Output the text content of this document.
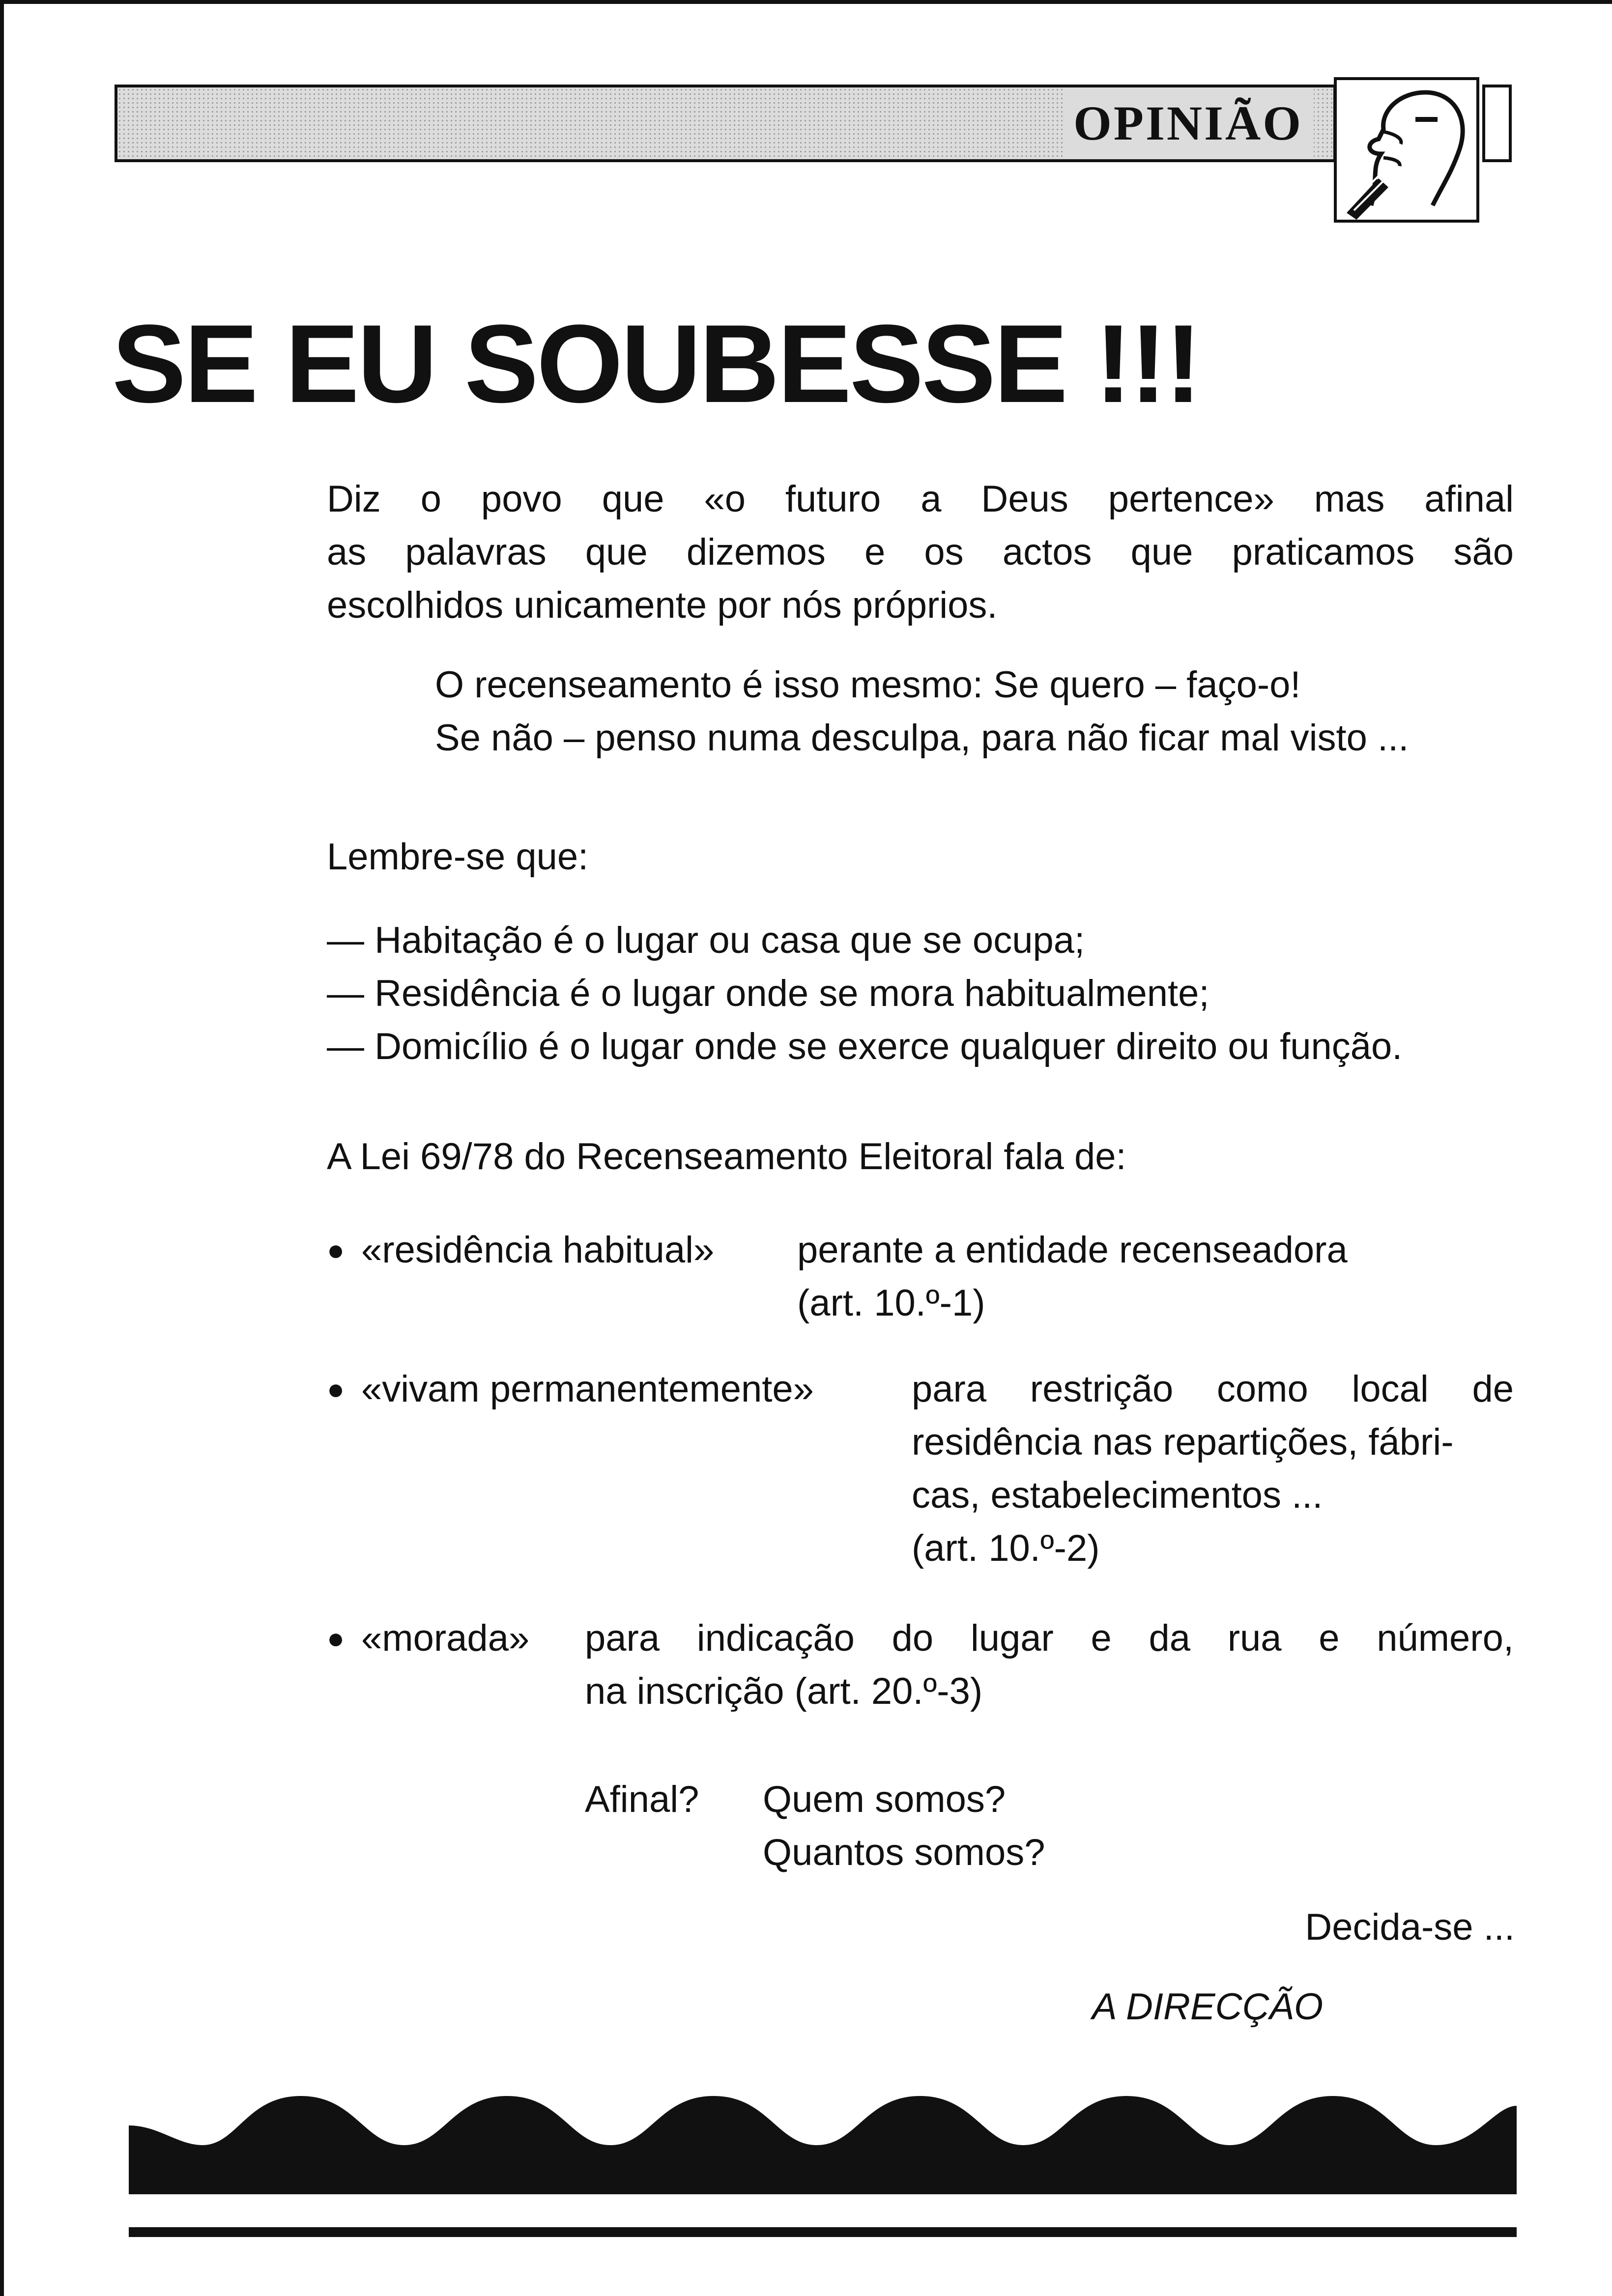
OPINIÃO
SE EU SOUBESSE !!!
Diz o povo que «o futuro a Deus pertence» mas afinal
as palavras que dizemos e os actos que praticamos são
escolhidos unicamente por nós próprios.
O recenseamento é isso mesmo: Se quero – faço-o!
Se não – penso numa desculpa, para não ficar mal visto ...
Lembre-se que:
— Habitação é o lugar ou casa que se ocupa;
— Residência é o lugar onde se mora habitualmente;
— Domicílio é o lugar onde se exerce qualquer direito ou função.
A Lei 69/78 do Recenseamento Eleitoral fala de:
● «residência habitual» perante a entidade recenseadora
(art. 10.º-1)
● «vivam permanentemente»	para restrição como local de
residência nas repartições, fábri-
cas, estabelecimentos ...
(art. 10.º-2)
● «morada» para indicação do lugar e da rua e número,
na inscrição (art. 20.º-3)
Afinal? Quem somos?
Quantos somos?
Decida-se ...
A DIRECÇÃO
